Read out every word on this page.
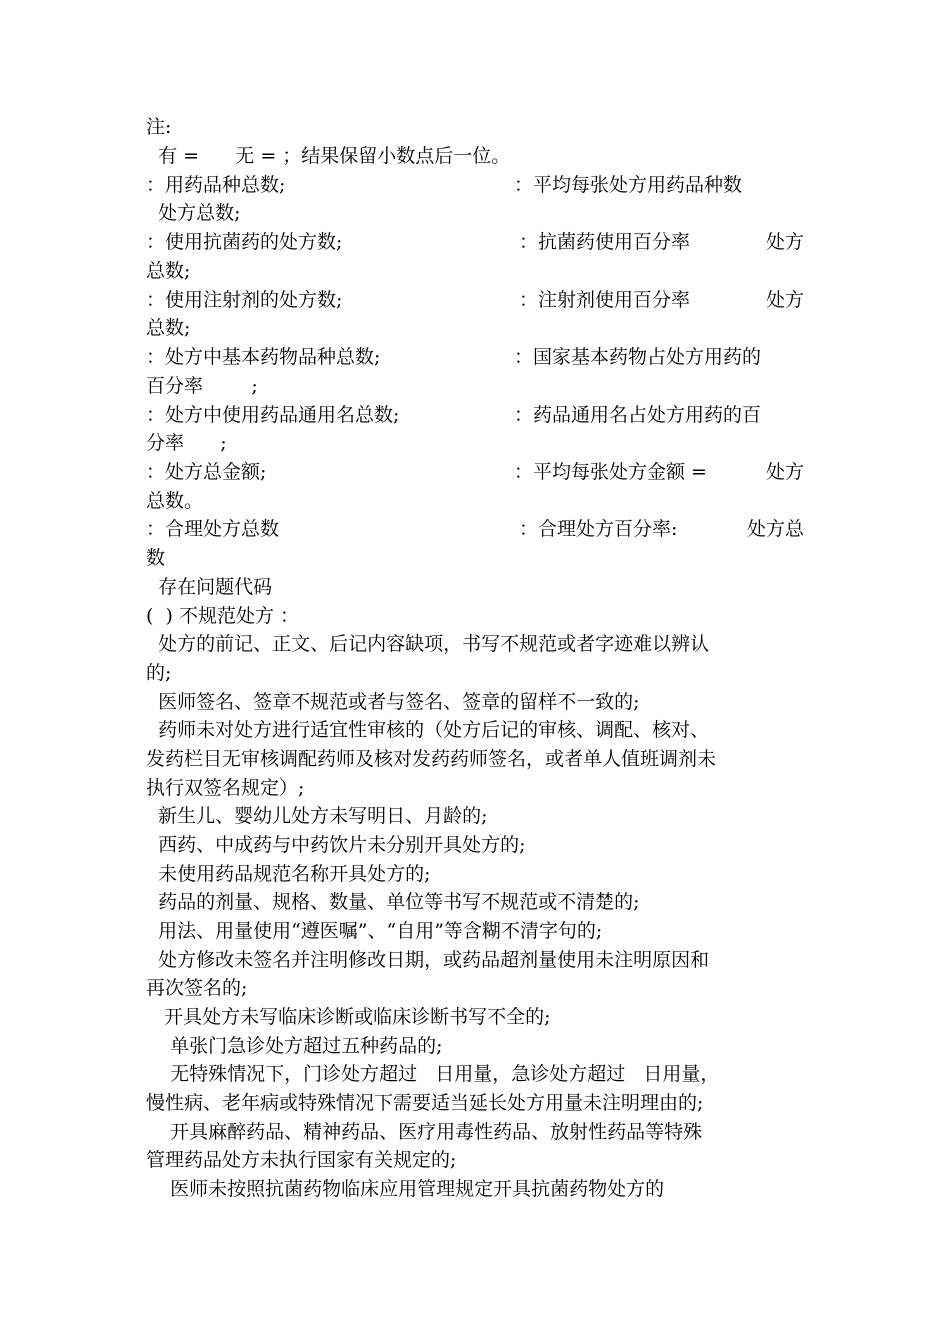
注:
有 =      无 = ；结果保留小数点后一位。
：用药品种总数;	：平均每张处方用药品种数
处方总数;
：使用抗菌药的处方数;	：抗菌药使用百分率	处方
总数;
：使用注射剂的处方数;	：注射剂使用百分率	处方
总数;
：处方中基本药物品种总数;	：国家基本药物占处方用药的
百分率        ;
：处方中使用药品通用名总数;	：药品通用名占处方用药的百
分率      ;
：处方总金额;	：平均每张处方金额 =	处方
总数。
：合理处方总数	：合理处方百分率:	处方总
数
存在问题代码
(  ) 不规范处方 ：
处方的前记、正文、后记内容缺项，书写不规范或者字迹难以辨认
的;
医师签名、签章不规范或者与签名、签章的留样不一致的;
药师未对处方进行适宜性审核的（处方后记的审核、调配、核对、
发药栏目无审核调配药师及核对发药药师签名，或者单人值班调剂未
执行双签名规定）;
新生儿、婴幼儿处方未写明日、月龄的;
西药、中成药与中药饮片未分别开具处方的;
未使用药品规范名称开具处方的;
药品的剂量、规格、数量、单位等书写不规范或不清楚的;
用法、用量使用“遵医嘱”、“自用”等含糊不清字句的;
处方修改未签名并注明修改日期，或药品超剂量使用未注明原因和
再次签名的;
开具处方未写临床诊断或临床诊断书写不全的;
单张门急诊处方超过五种药品的;
无特殊情况下，门诊处方超过   日用量，急诊处方超过   日用量，
慢性病、老年病或特殊情况下需要适当延长处方用量未注明理由的;
开具麻醉药品、精神药品、医疗用毒性药品、放射性药品等特殊
管理药品处方未执行国家有关规定的;
医师未按照抗菌药物临床应用管理规定开具抗菌药物处方的
